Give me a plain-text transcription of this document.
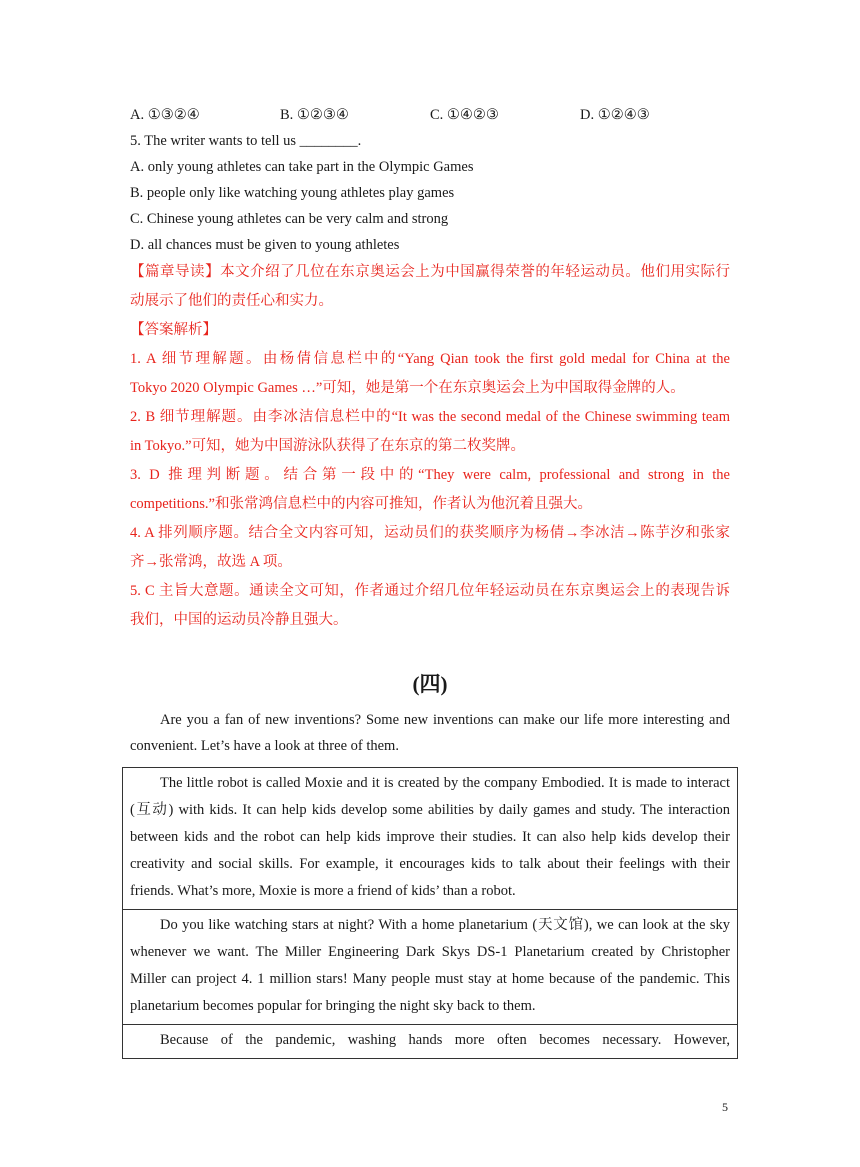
A. ①③②④	B. ①②③④	C. ①④②③	D. ①②④③
5. The writer wants to tell us ________.
A. only young athletes can take part in the Olympic Games
B. people only like watching young athletes play games
C. Chinese young athletes can be very calm and strong
D. all chances must be given to young athletes
【篇章导读】本文介绍了几位在东京奥运会上为中国赢得荣誉的年轻运动员。他们用实际行
动展示了他们的责任心和实力。
【答案解析】
1. A 细节理解题。由杨倩信息栏中的“Yang Qian took the first gold medal for China at the
Tokyo 2020 Olympic Games …”可知，她是第一个在东京奥运会上为中国取得金牌的人。
2. B 细节理解题。由李冰洁信息栏中的“It was the second medal of the Chinese swimming team
in Tokyo.”可知，她为中国游泳队获得了在东京的第二枚奖牌。
3. D 推理判断题。结合第一段中的“They were calm, professional and strong in the
competitions.”和张常鸿信息栏中的内容可推知，作者认为他沉着且强大。
4. A 排列顺序题。结合全文内容可知，运动员们的获奖顺序为杨倩→李冰洁→陈芋汐和张家
齐→张常鸿，故选 A 项。
5. C 主旨大意题。通读全文可知，作者通过介绍几位年轻运动员在东京奥运会上的表现告诉
我们，中国的运动员冷静且强大。
(四)
Are you a fan of new inventions? Some new inventions can make our life more interesting and convenient. Let’s have a look at three of them.

The little robot is called Moxie and it is created by the company Embodied. It is made to interact (互动) with kids. It can help kids develop some abilities by daily games and study. The interaction between kids and the robot can help kids improve their studies. It can also help kids develop their creativity and social skills. For example, it encourages kids to talk about their feelings with their friends. What’s more, Moxie is more a friend of kids’ than a robot.

Do you like watching stars at night? With a home planetarium (天文馆), we can look at the sky whenever we want. The Miller Engineering Dark Skys DS-1 Planetarium created by Christopher Miller can project 4. 1 million stars! Many people must stay at home because of the pandemic. This planetarium becomes popular for bringing the night sky back to them.

Because of the pandemic, washing hands more often becomes necessary. However,

5
